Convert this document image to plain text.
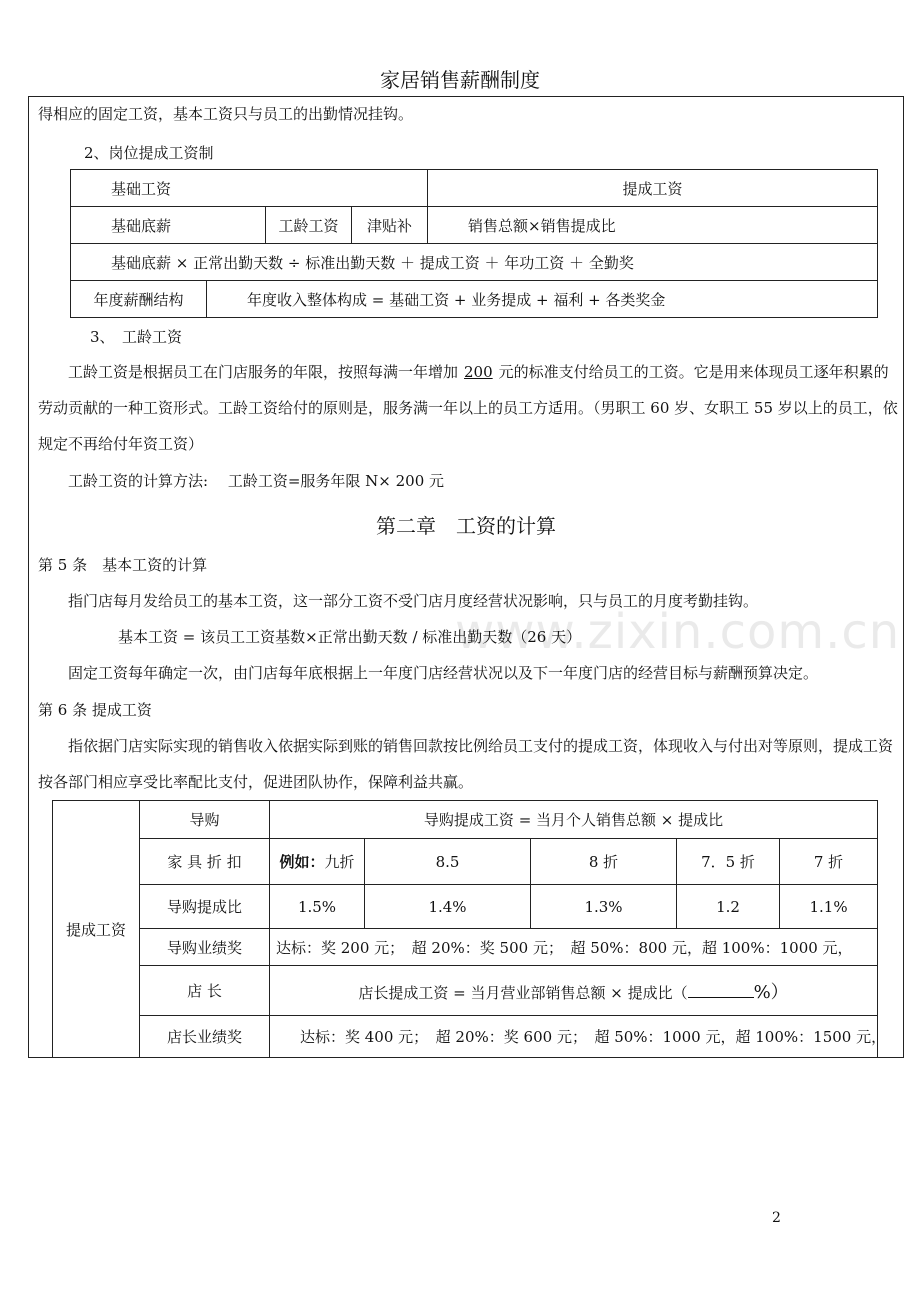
家居销售薪酬制度
www.zixin.com.cn
得相应的固定工资，基本工资只与员工的出勤情况挂钩。
2、岗位提成工资制
基础工资				提成工资
基础底薪		工龄工资	津贴补	销售总额×销售提成比
基础底薪 × 正常出勤天数 ÷ 标准出勤天数 ＋ 提成工资 ＋ 年功工资 ＋ 全勤奖				
年度薪酬结构	年度收入整体构成 = 基础工资 + 业务提成 + 福利 + 各类奖金			
3、　工龄工资
工龄工资是根据员工在门店服务的年限，按照每满一年增加 200 元的标准支付给员工的工资。它是用来体现员工逐年积累的劳动贡献的一种工资形式。工龄工资给付的原则是，服务满一年以上的员工方适用。（男职工 60 岁、女职工 55 岁以上的员工，依规定不再给付年资工资）
工龄工资的计算方法:　 工龄工资=服务年限 N× 200 元
第二章　工资的计算
第 5 条　基本工资的计算
指门店每月发给员工的基本工资，这一部分工资不受门店月度经营状况影响，只与员工的月度考勤挂钩。
基本工资 = 该员工工资基数×正常出勤天数 / 标准出勤天数（26 天）
固定工资每年确定一次，由门店每年底根据上一年度门店经营状况以及下一年度门店的经营目标与薪酬预算决定。
第 6 条 提成工资
指依据门店实际实现的销售收入依据实际到账的销售回款按比例给员工支付的提成工资，体现收入与付出对等原则，提成工资按各部门相应享受比率配比支付，促进团队协作，保障利益共赢。
提成工资	导购	导购提成工资 = 当月个人销售总额 × 提成比				
	家 具 折 扣	例如：九折	8.5	8 折	7．5 折	7 折
	导购提成比	1.5%	1.4%	1.3%	1.2	1.1%
	导购业绩奖	达标：奖 200 元；　超 20%：奖 500 元；　超 50%：800 元，超 100%：1000 元，				
	店 长	店长提成工资 = 当月营业部销售总额 × 提成比（ %）				
	店长业绩奖	达标：奖 400 元；　超 20%：奖 600 元；　超 50%：1000 元，超 100%：1500 元，				
2
